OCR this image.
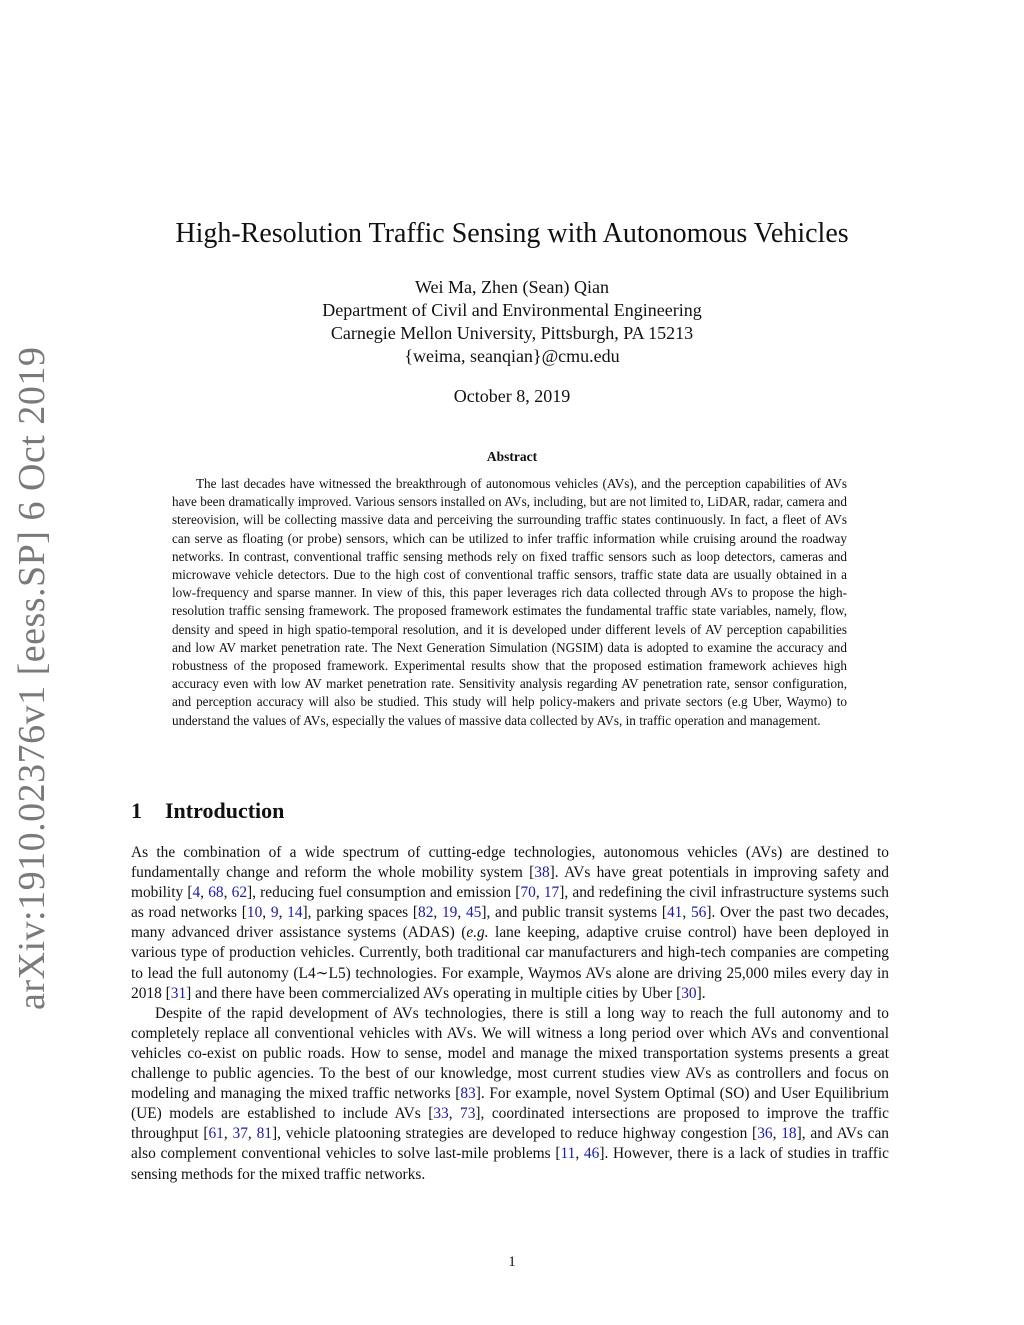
arXiv:1910.02376v1 [eess.SP] 6 Oct 2019
High-Resolution Traffic Sensing with Autonomous Vehicles
Wei Ma, Zhen (Sean) Qian
Department of Civil and Environmental Engineering
Carnegie Mellon University, Pittsburgh, PA 15213
{weima, seanqian}@cmu.edu
October 8, 2019
Abstract

The last decades have witnessed the breakthrough of autonomous vehicles (AVs), and the perception capabilities of AVs have been dramatically improved. Various sensors installed on AVs, including, but are not limited to, LiDAR, radar, camera and stereovision, will be collecting massive data and perceiving the surrounding traffic states continuously. In fact, a fleet of AVs can serve as floating (or probe) sensors, which can be utilized to infer traffic information while cruising around the roadway networks. In contrast, conventional traffic sensing methods rely on fixed traffic sensors such as loop detectors, cameras and microwave vehicle detectors. Due to the high cost of conventional traffic sensors, traffic state data are usually obtained in a low-frequency and sparse manner. In view of this, this paper leverages rich data collected through AVs to propose the high-resolution traffic sensing framework. The proposed framework estimates the fundamental traffic state variables, namely, flow, density and speed in high spatio-temporal resolution, and it is developed under different levels of AV perception capabilities and low AV market penetration rate. The Next Generation Simulation (NGSIM) data is adopted to examine the accuracy and robustness of the proposed framework. Experimental results show that the proposed estimation framework achieves high accuracy even with low AV market penetration rate. Sensitivity analysis regarding AV penetration rate, sensor configuration, and perception accuracy will also be studied. This study will help policy-makers and private sectors (e.g Uber, Waymo) to understand the values of AVs, especially the values of massive data collected by AVs, in traffic operation and management.

1 Introduction

As the combination of a wide spectrum of cutting-edge technologies, autonomous vehicles (AVs) are destined to fundamentally change and reform the whole mobility system [38]. AVs have great potentials in improving safety and mobility [4, 68, 62], reducing fuel consumption and emission [70, 17], and redefining the civil infrastructure systems such as road networks [10, 9, 14], parking spaces [82, 19, 45], and public transit systems [41, 56]. Over the past two decades, many advanced driver assistance systems (ADAS) (e.g. lane keeping, adaptive cruise control) have been deployed in various type of production vehicles. Currently, both traditional car manufacturers and high-tech companies are competing to lead the full autonomy (L4∼L5) technologies. For example, Waymos AVs alone are driving 25,000 miles every day in 2018 [31] and there have been commercialized AVs operating in multiple cities by Uber [30].

Despite of the rapid development of AVs technologies, there is still a long way to reach the full autonomy and to completely replace all conventional vehicles with AVs. We will witness a long period over which AVs and conventional vehicles co-exist on public roads. How to sense, model and manage the mixed transportation systems presents a great challenge to public agencies. To the best of our knowledge, most current studies view AVs as controllers and focus on modeling and managing the mixed traffic networks [83]. For example, novel System Optimal (SO) and User Equilibrium (UE) models are established to include AVs [33, 73], coordinated intersections are proposed to improve the traffic throughput [61, 37, 81], vehicle platooning strategies are developed to reduce highway congestion [36, 18], and AVs can also complement conventional vehicles to solve last-mile problems [11, 46]. However, there is a lack of studies in traffic sensing methods for the mixed traffic networks.

1
